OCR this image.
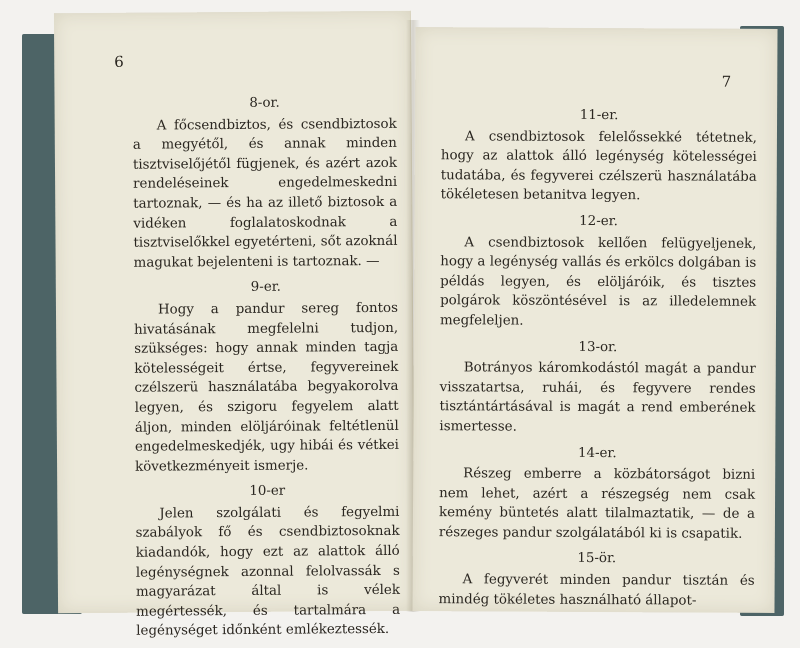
6
8-or.

A főcsendbiztos, és csendbiztosok a megyétől, és annak minden tisztviselőjétől fügjenek, és azért azok rendeléseinek engedelmeskedni tartoznak, — és ha az illető biztosok a vidéken foglalatoskodnak a tisztviselőkkel egyetérteni, sőt azoknál magukat bejelenteni is tartoznak. —

9-er.

Hogy a pandur sereg fontos hivatásának megfelelni tudjon, szükséges: hogy annak minden tagja kötelességeit értse, fegyvereinek czélszerü használatába begyakorolva legyen, és szigoru fegyelem alatt áljon, minden elöljáróinak feltétlenül engedelmeskedjék, ugy hibái és vétkei következményeit ismerje.

10-er

Jelen szolgálati és fegyelmi szabályok fő és csendbiztosoknak kiadandók, hogy ezt az alattok álló legénységnek azonnal felolvassák s magyarázat által is vélek megértessék, és tartalmára a legénységet időnként emlékeztessék.

7
11-er.

A csendbiztosok felelőssekké tétetnek, hogy az alattok álló legénység kötelességei tudatába, és fegyverei czélszerü használatába tökéletesen betanitva legyen.

12-er.

A csendbiztosok kellően felügyeljenek, hogy a legénység vallás és erkölcs dolgában is példás legyen, és elöljáróik, és tisztes polgárok köszöntésével is az illedelemnek megfeleljen.

13-or.

Botrányos káromkodástól magát a pandur visszatartsa, ruhái, és fegyvere rendes tisztántártásával is magát a rend emberének ismertesse.

14-er.

Részeg emberre a közbátorságot bizni nem lehet, azért a részegség nem csak kemény büntetés alatt tilalmaztatik, — de a részeges pandur szolgálatából ki is csapatik.

15-ör.

A fegyverét minden pandur tisztán és mindég tökéletes használható állapot-
